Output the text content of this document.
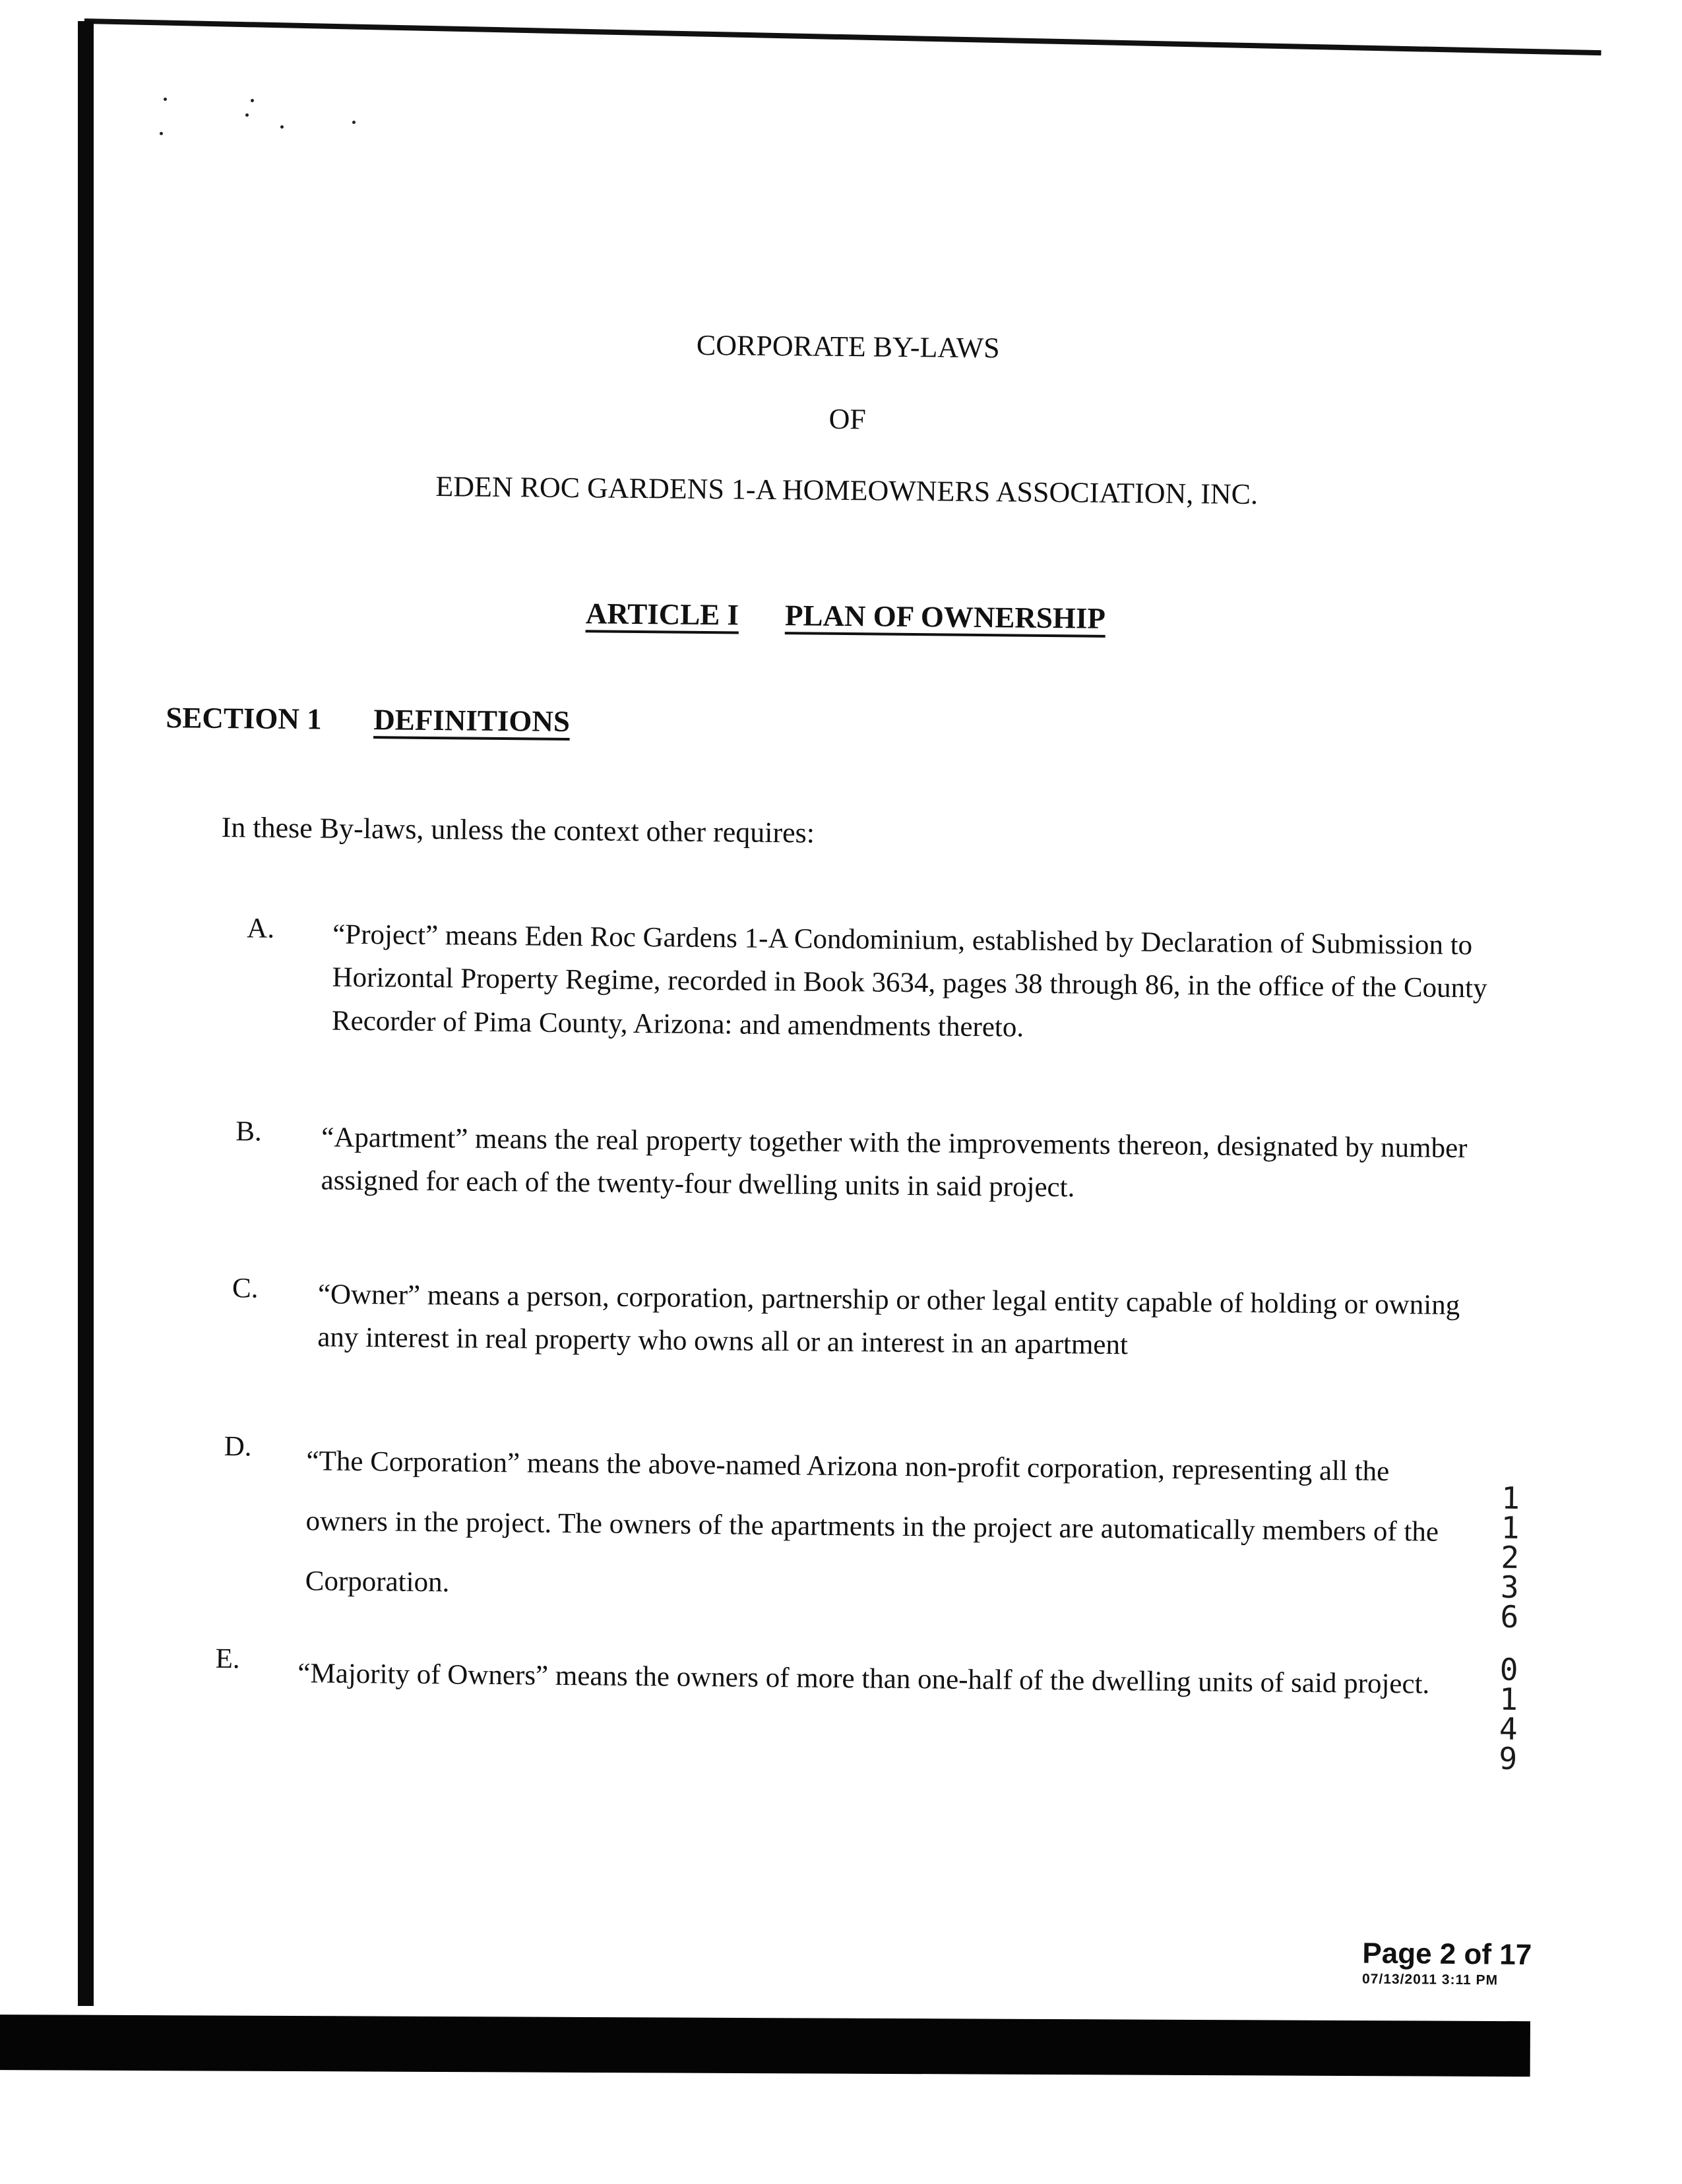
CORPORATE BY-LAWS
OF
EDEN ROC GARDENS 1-A HOMEOWNERS ASSOCIATION, INC.
ARTICLE I PLAN OF OWNERSHIP
SECTION 1 DEFINITIONS
In these By-laws, unless the context other requires:
A. “Project” means Eden Roc Gardens 1-A Condominium, established by Declaration of Submission to Horizontal Property Regime, recorded in Book 3634, pages 38 through 86, in the office of the County Recorder of Pima County, Arizona: and amendments thereto.
B. “Apartment” means the real property together with the improvements thereon, designated by number assigned for each of the twenty-four dwelling units in said project.
C. “Owner” means a person, corporation, partnership or other legal entity capable of holding or owning any interest in real property who owns all or an interest in an apartment
D. “The Corporation” means the above-named Arizona non-profit corporation, representing all the owners in the project. The owners of the apartments in the project are automatically members of the Corporation.
E. “Majority of Owners” means the owners of more than one-half of the dwelling units of said project.
1
1
2
3
6
0
1
4
9
Page 2 of 17
07/13/2011 3:11 PM
